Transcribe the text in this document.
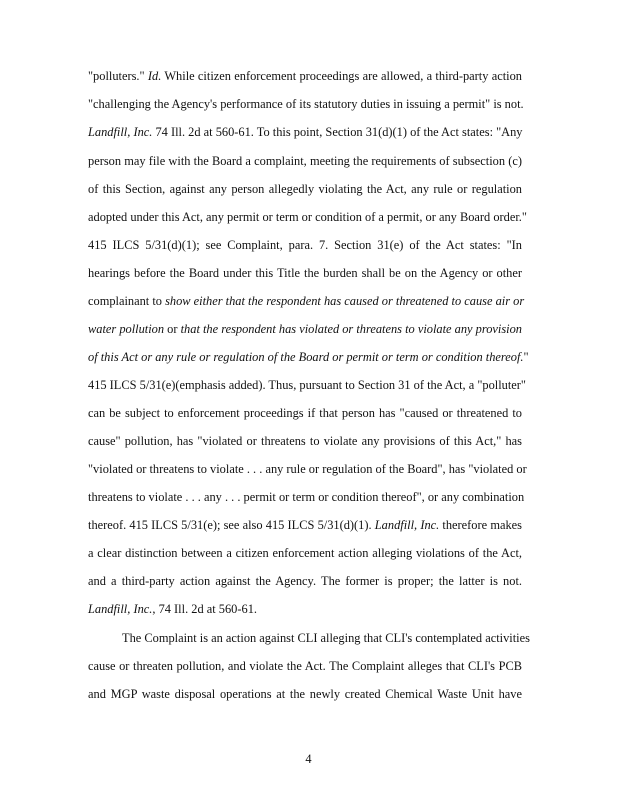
"polluters." Id. While citizen enforcement proceedings are allowed, a third-party action
"challenging the Agency's performance of its statutory duties in issuing a permit" is not.
Landfill, Inc. 74 Ill. 2d at 560-61. To this point, Section 31(d)(1) of the Act states: "Any
person may file with the Board a complaint, meeting the requirements of subsection (c)
of this Section, against any person allegedly violating the Act, any rule or regulation
adopted under this Act, any permit or term or condition of a permit, or any Board order."
415 ILCS 5/31(d)(1); see Complaint, para. 7. Section 31(e) of the Act states: "In
hearings before the Board under this Title the burden shall be on the Agency or other
complainant to show either that the respondent has caused or threatened to cause air or
water pollution or that the respondent has violated or threatens to violate any provision
of this Act or any rule or regulation of the Board or permit or term or condition thereof."
415 ILCS 5/31(e)(emphasis added). Thus, pursuant to Section 31 of the Act, a "polluter"
can be subject to enforcement proceedings if that person has "caused or threatened to
cause" pollution, has "violated or threatens to violate any provisions of this Act," has
"violated or threatens to violate . . . any rule or regulation of the Board", has "violated or
threatens to violate . . . any . . . permit or term or condition thereof", or any combination
thereof. 415 ILCS 5/31(e); see also 415 ILCS 5/31(d)(1). Landfill, Inc. therefore makes
a clear distinction between a citizen enforcement action alleging violations of the Act,
and a third-party action against the Agency. The former is proper; the latter is not.
Landfill, Inc., 74 Ill. 2d at 560-61.
The Complaint is an action against CLI alleging that CLI's contemplated activities
cause or threaten pollution, and violate the Act. The Complaint alleges that CLI's PCB
and MGP waste disposal operations at the newly created Chemical Waste Unit have
4
